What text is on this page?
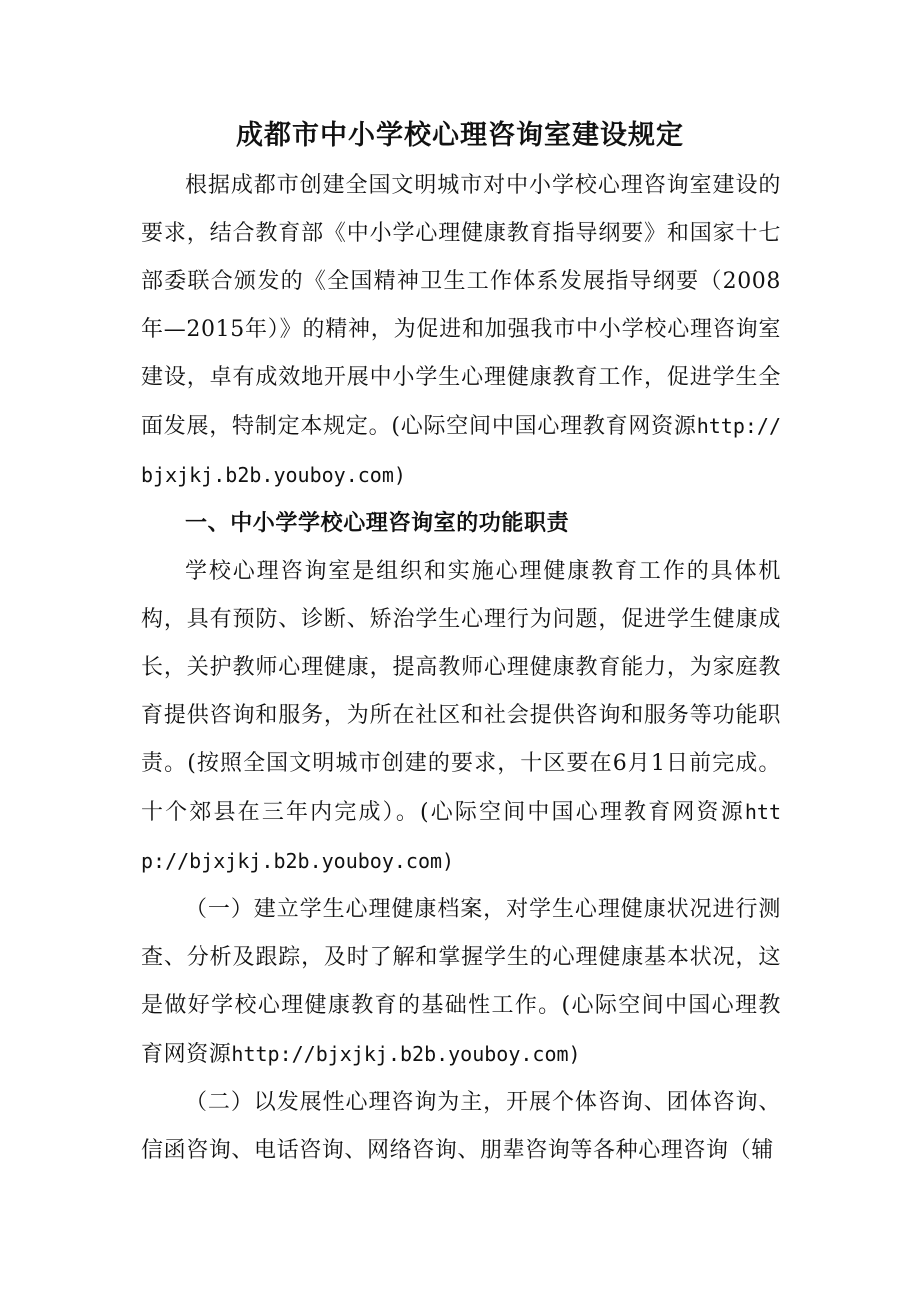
成都市中小学校心理咨询室建设规定

根据成都市创建全国文明城市对中小学校心理咨询室建设的要求，结合教育部《中小学心理健康教育指导纲要》和国家十七部委联合颁发的《全国精神卫生工作体系发展指导纲要（2008年—2015年）》的精神，为促进和加强我市中小学校心理咨询室建设，卓有成效地开展中小学生心理健康教育工作，促进学生全面发展，特制定本规定。(心际空间中国心理教育网资源http://bjxjkj.b2b.youboy.com)

一、中小学学校心理咨询室的功能职责

学校心理咨询室是组织和实施心理健康教育工作的具体机构，具有预防、诊断、矫治学生心理行为问题，促进学生健康成长，关护教师心理健康，提高教师心理健康教育能力，为家庭教育提供咨询和服务，为所在社区和社会提供咨询和服务等功能职责。(按照全国文明城市创建的要求，十区要在6月1日前完成。十个郊县在三年内完成）。(心际空间中国心理教育网资源http://bjxjkj.b2b.youboy.com)

（一）建立学生心理健康档案，对学生心理健康状况进行测查、分析及跟踪，及时了解和掌握学生的心理健康基本状况，这是做好学校心理健康教育的基础性工作。(心际空间中国心理教育网资源http://bjxjkj.b2b.youboy.com)

（二）以发展性心理咨询为主，开展个体咨询、团体咨询、信函咨询、电话咨询、网络咨询、朋辈咨询等各种心理咨询（辅
